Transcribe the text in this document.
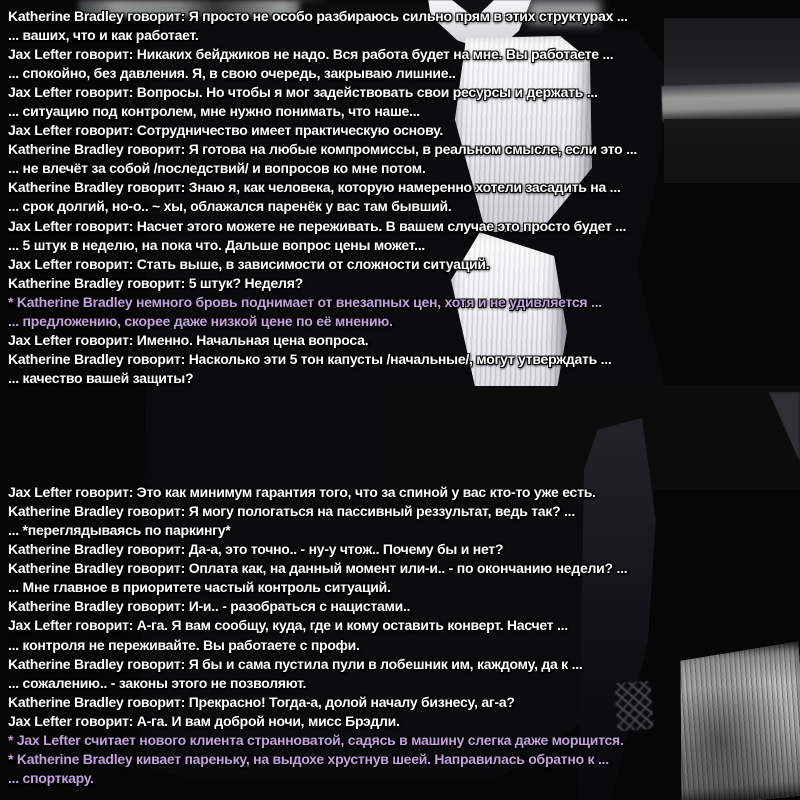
Katherine Bradley говорит: Я просто не особо разбираюсь сильно прям в этих структурах ...
... ваших, что и как работает.
Jax Lefter говорит: Никаких бейджиков не надо. Вся работа будет на мне. Вы работаете ...
... спокойно, без давления. Я, в свою очередь, закрываю лишние..
Jax Lefter говорит: Вопросы. Но чтобы я мог задействовать свои ресурсы и держать ...
... ситуацию под контролем, мне нужно понимать, что наше...
Jax Lefter говорит: Сотрудничество имеет практическую основу.
Katherine Bradley говорит: Я готова на любые компромиссы, в реальном смысле, если это ...
... не влечёт за собой /последствий/ и вопросов ко мне потом.
Katherine Bradley говорит: Знаю я, как человека, которую намеренно хотели засадить на ...
... срок долгий, но-о.. ~ хы, облажался паренёк у вас там бывший.
Jax Lefter говорит: Насчет этого можете не переживать. В вашем случае это просто будет ...
... 5 штук в неделю, на пока что. Дальше вопрос цены может...
Jax Lefter говорит: Стать выше, в зависимости от сложности ситуаций.
Katherine Bradley говорит: 5 штук? Неделя?
* Katherine Bradley немного бровь поднимает от внезапных цен, хотя и не удивляется ...
... предложению, скорее даже низкой цене по её мнению.
Jax Lefter говорит: Именно. Начальная цена вопроса.
Katherine Bradley говорит: Насколько эти 5 тон капусты /начальные/, могут утверждать ...
... качество вашей защиты?
Jax Lefter говорит: Это как минимум гарантия того, что за спиной у вас кто-то уже есть.
Katherine Bradley говорит: Я могу пологаться на пассивный реззультат, ведь так? ...
... *переглядываясь по паркингу*
Katherine Bradley говорит: Да-а, это точно.. - ну-у чтож.. Почему бы и нет?
Katherine Bradley говорит: Оплата как, на данный момент или-и.. - по окончанию недели? ...
... Мне главное в приоритете частый контроль ситуаций.
Katherine Bradley говорит: И-и.. - разобраться с нацистами..
Jax Lefter говорит: А-га. Я вам сообщу, куда, где и кому оставить конверт. Насчет ...
... контроля не переживайте. Вы работаете с профи.
Katherine Bradley говорит: Я бы и сама пустила пули в лобешник им, каждому, да к ...
... сожалению.. - законы этого не позволяют.
Katherine Bradley говорит: Прекрасно! Тогда-а, долой началу бизнесу, аг-а?
Jax Lefter говорит: А-га. И вам доброй ночи, мисс Брэдли.
* Jax Lefter считает нового клиента странноватой, садясь в машину слегка даже морщится.
* Katherine Bradley кивает пареньку, на выдохе хрустнув шеей. Направилась обратно к ...
... спорткару.
